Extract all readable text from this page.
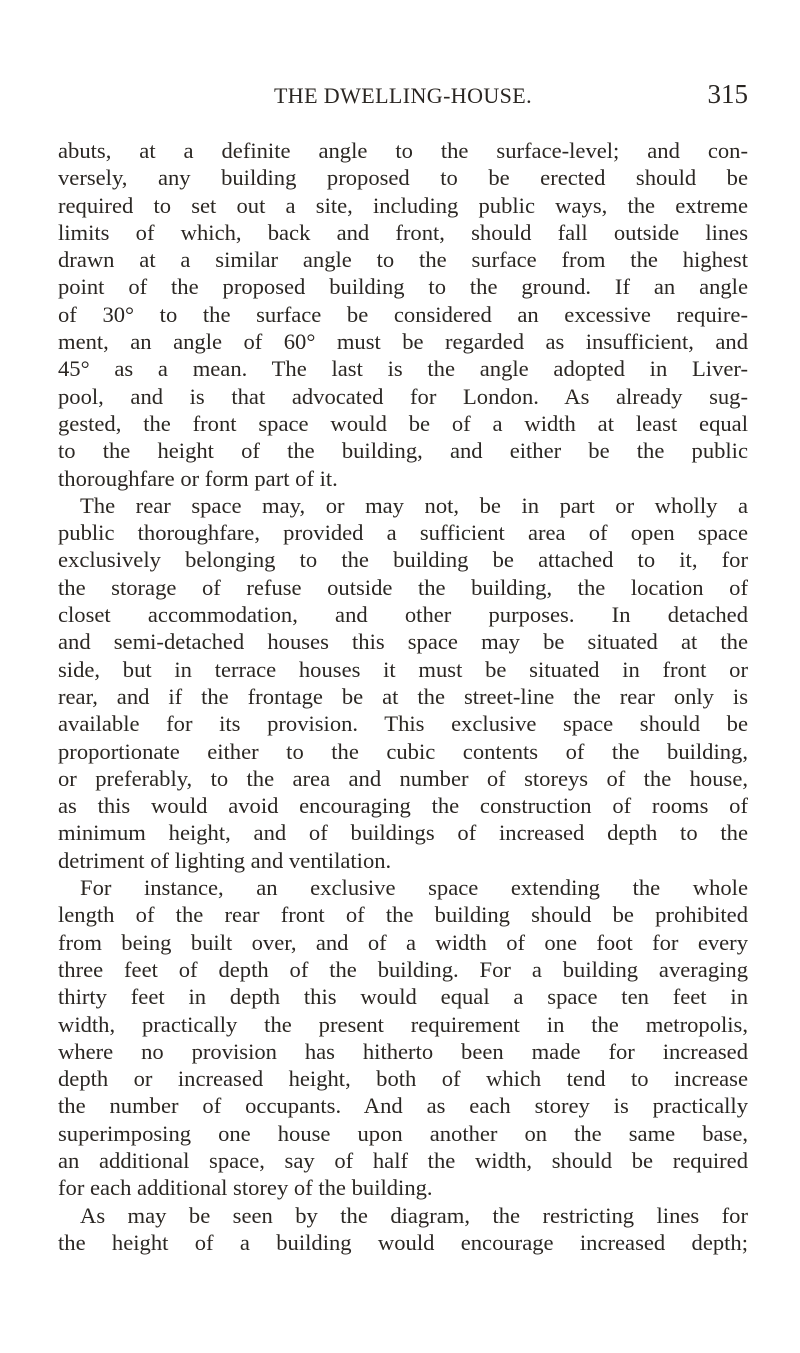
THE DWELLING-HOUSE.	315
abuts, at a definite angle to the surface-level; and con-
versely, any building proposed to be erected should be
required to set out a site, including public ways, the extreme
limits of which, back and front, should fall outside lines
drawn at a similar angle to the surface from the highest
point of the proposed building to the ground. If an angle
of 30° to the surface be considered an excessive require-
ment, an angle of 60° must be regarded as insufficient, and
45° as a mean. The last is the angle adopted in Liver-
pool, and is that advocated for London. As already sug-
gested, the front space would be of a width at least equal
to the height of the building, and either be the public
thoroughfare or form part of it.
The rear space may, or may not, be in part or wholly a
public thoroughfare, provided a sufficient area of open space
exclusively belonging to the building be attached to it, for
the storage of refuse outside the building, the location of
closet accommodation, and other purposes. In detached
and semi-detached houses this space may be situated at the
side, but in terrace houses it must be situated in front or
rear, and if the frontage be at the street-line the rear only is
available for its provision. This exclusive space should be
proportionate either to the cubic contents of the building,
or preferably, to the area and number of storeys of the house,
as this would avoid encouraging the construction of rooms of
minimum height, and of buildings of increased depth to the
detriment of lighting and ventilation.
For instance, an exclusive space extending the whole
length of the rear front of the building should be prohibited
from being built over, and of a width of one foot for every
three feet of depth of the building. For a building averaging
thirty feet in depth this would equal a space ten feet in
width, practically the present requirement in the metropolis,
where no provision has hitherto been made for increased
depth or increased height, both of which tend to increase
the number of occupants. And as each storey is practically
superimposing one house upon another on the same base,
an additional space, say of half the width, should be required
for each additional storey of the building.
As may be seen by the diagram, the restricting lines for
the height of a building would encourage increased depth;
